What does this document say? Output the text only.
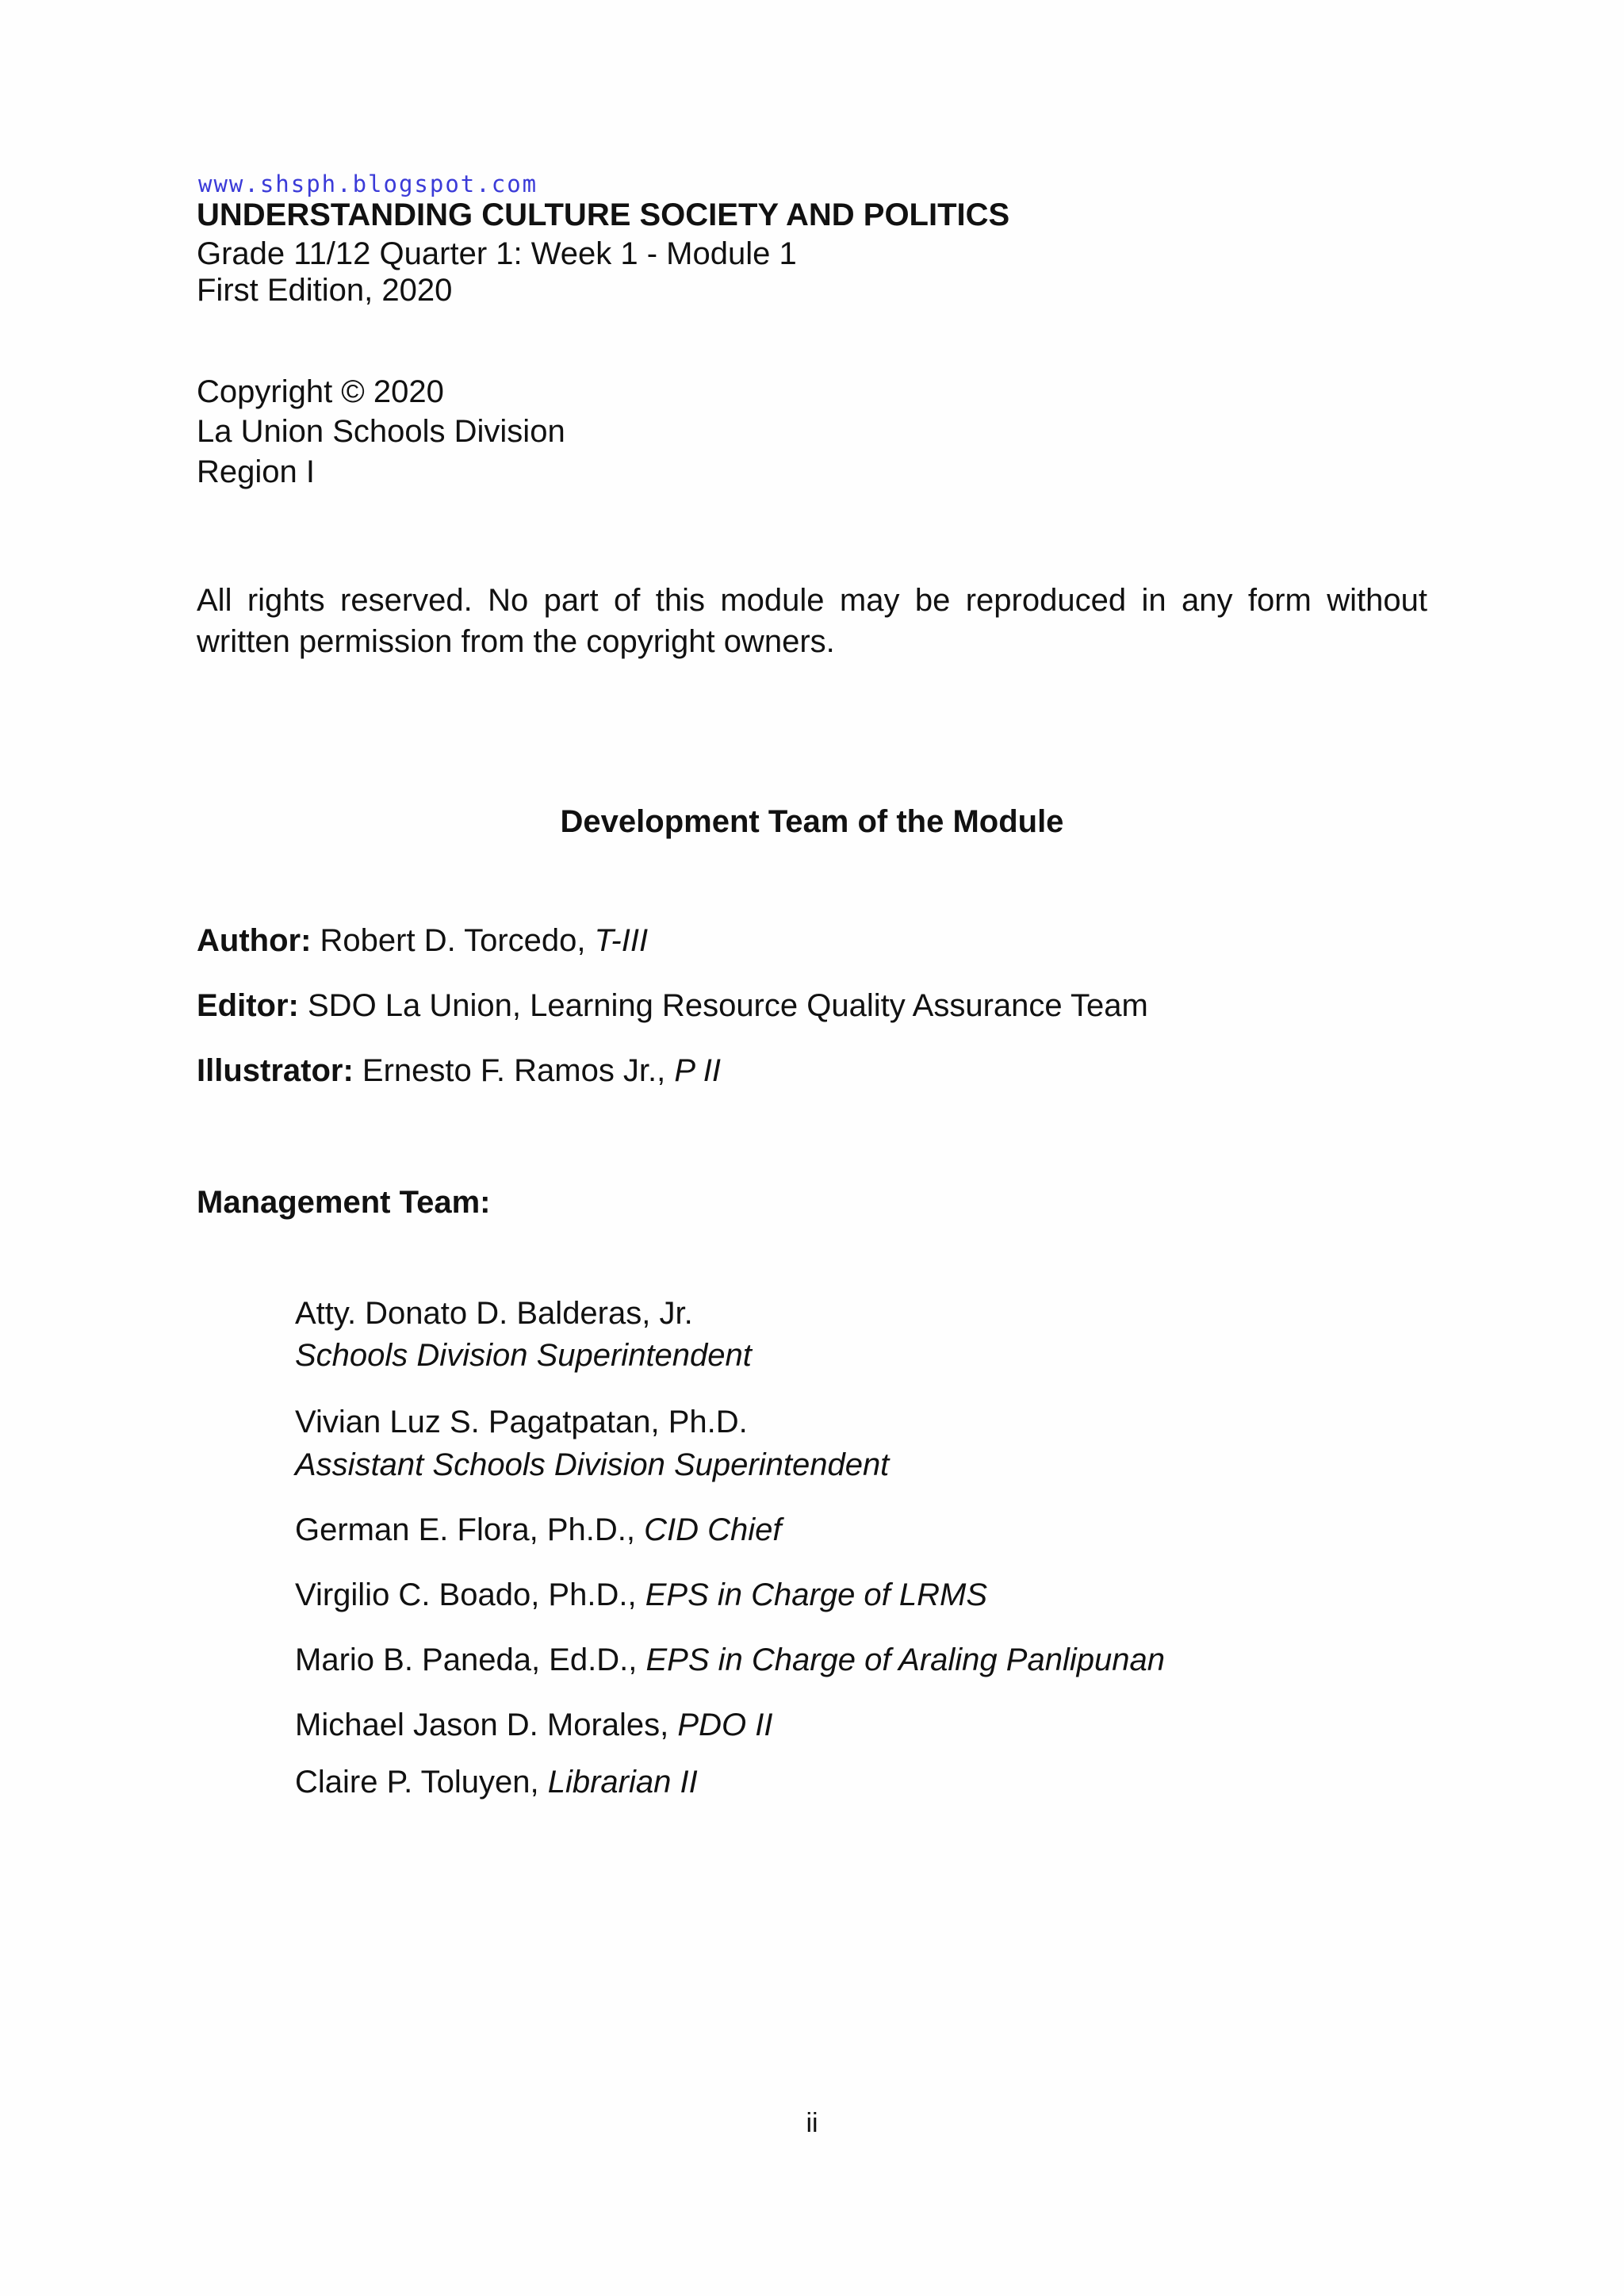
www.shsph.blogspot.com
UNDERSTANDING CULTURE SOCIETY AND POLITICS
Grade 11/12 Quarter 1: Week 1 - Module 1
First Edition, 2020
Copyright © 2020
La Union Schools Division
Region I
All rights reserved. No part of this module may be reproduced in any form without written permission from the copyright owners.
Development Team of the Module
Author: Robert D. Torcedo, T-III
Editor: SDO La Union, Learning Resource Quality Assurance Team
Illustrator: Ernesto F. Ramos Jr., P II
Management Team:
Atty. Donato D. Balderas, Jr.
Schools Division Superintendent
Vivian Luz S. Pagatpatan, Ph.D.
Assistant Schools Division Superintendent
German E. Flora, Ph.D., CID Chief
Virgilio C. Boado, Ph.D., EPS in Charge of LRMS
Mario B. Paneda, Ed.D., EPS in Charge of Araling Panlipunan
Michael Jason D. Morales, PDO II
Claire P. Toluyen, Librarian II
ii
